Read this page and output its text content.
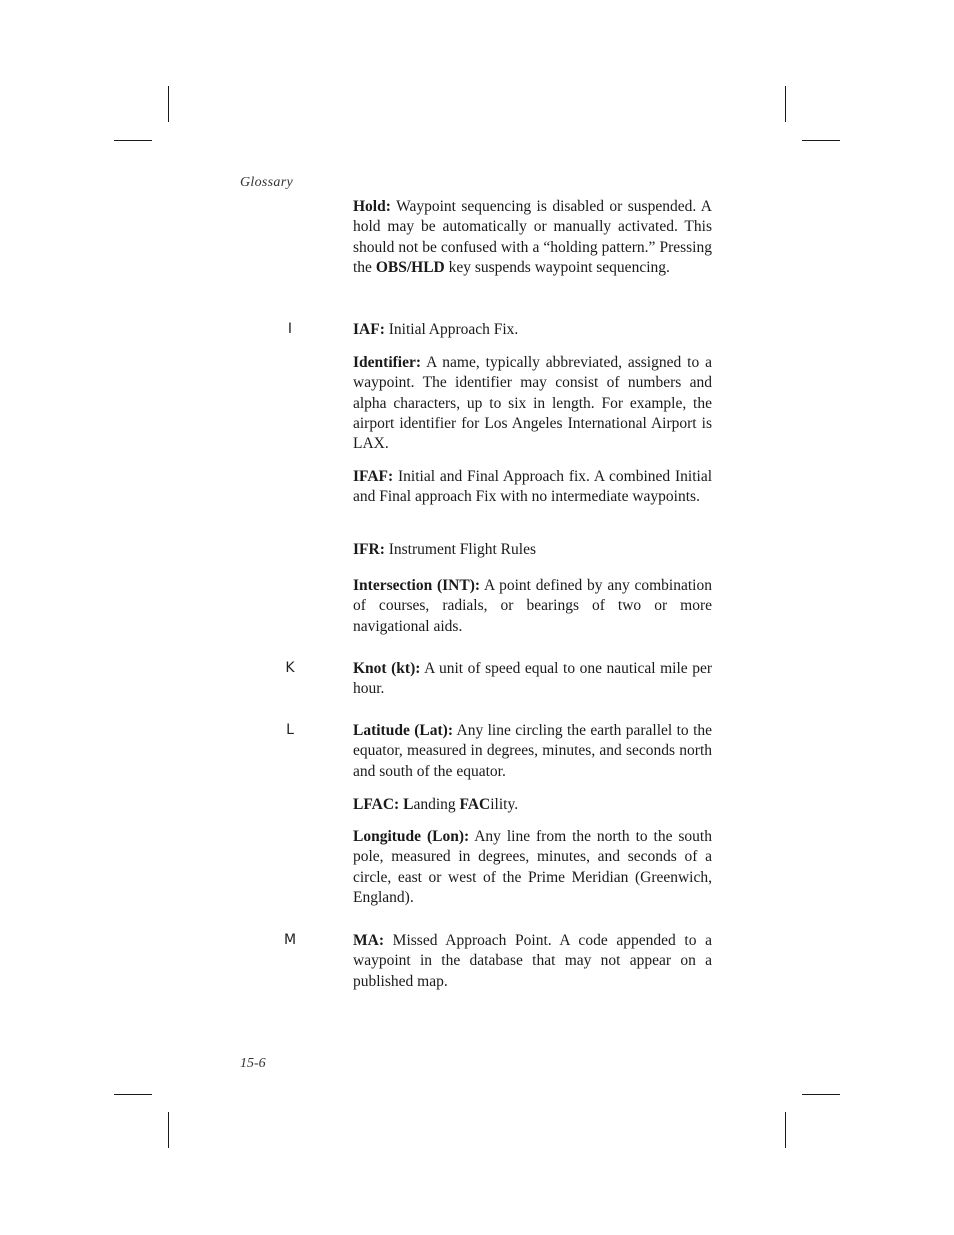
Glossary
I
K
L
M
Hold: Waypoint sequencing is disabled or suspended. A hold may be automatically or manually activated. This should not be confused with a “holding pattern.” Pressing the OBS/HLD key suspends waypoint sequencing.
IAF: Initial Approach Fix.
Identifier: A name, typically abbreviated, assigned to a waypoint. The identifier may consist of numbers and alpha characters, up to six in length. For example, the airport identifier for Los Angeles International Airport is LAX.
IFAF: Initial and Final Approach fix. A combined Initial and Final approach Fix with no intermediate waypoints.
IFR: Instrument Flight Rules
Intersection (INT): A point defined by any combination of courses, radials, or bearings of two or more navigational aids.
Knot (kt): A unit of speed equal to one nautical mile per hour.
Latitude (Lat): Any line circling the earth parallel to the equator, measured in degrees, minutes, and seconds north and south of the equator.
LFAC: Landing FACility.
Longitude (Lon): Any line from the north to the south pole, measured in degrees, minutes, and seconds of a circle, east or west of the Prime Meridian (Greenwich, England).
MA: Missed Approach Point. A code appended to a waypoint in the database that may not appear on a published map.
15-6
